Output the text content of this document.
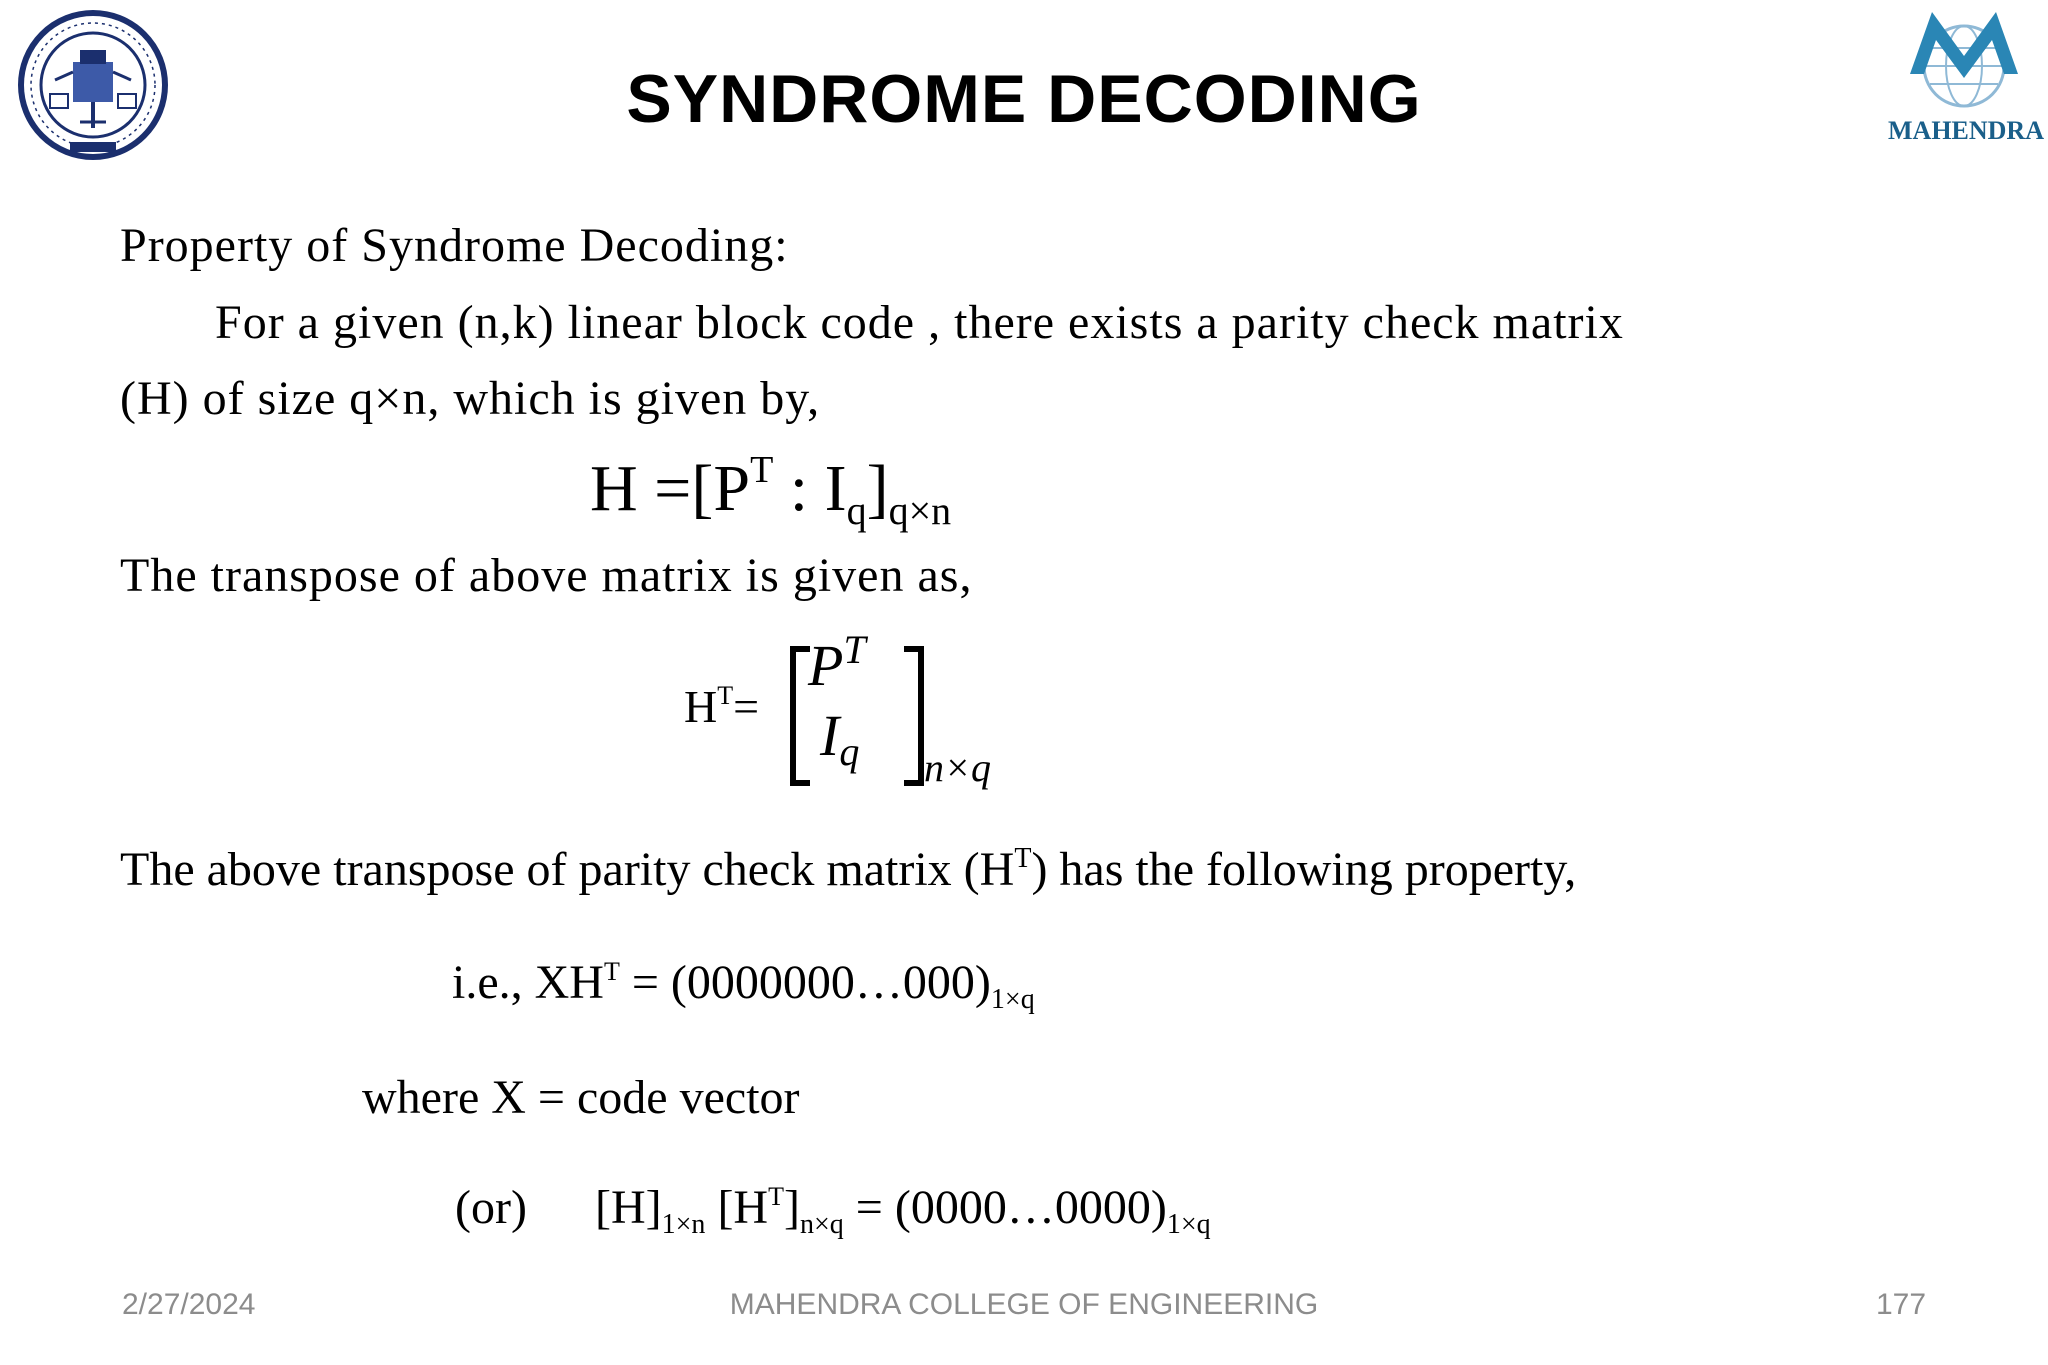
MAHENDRA
SYNDROME DECODING
Property of Syndrome Decoding:
For a given (n,k) linear block code , there exists a parity check matrix
(H) of size q×n, which is given by,
$H =[P^T$ : $I_q]_{q\times n}$
The transpose of above matrix is given as,
$H^T=$
$P^T$
$I_q$ n×q
The above transpose of parity check matrix $(H^T)$ has the following property,
i.e., $XH^T$ = $(0000000\dots 000)_{1\times q}$
where X = code vector
(or) $[H]_{1\times n}$ $[H^T]_{n\times q}$ = $(0000\dots 0000)_{1\times q}$
2/27/2024	MAHENDRA COLLEGE OF ENGINEERING	177
